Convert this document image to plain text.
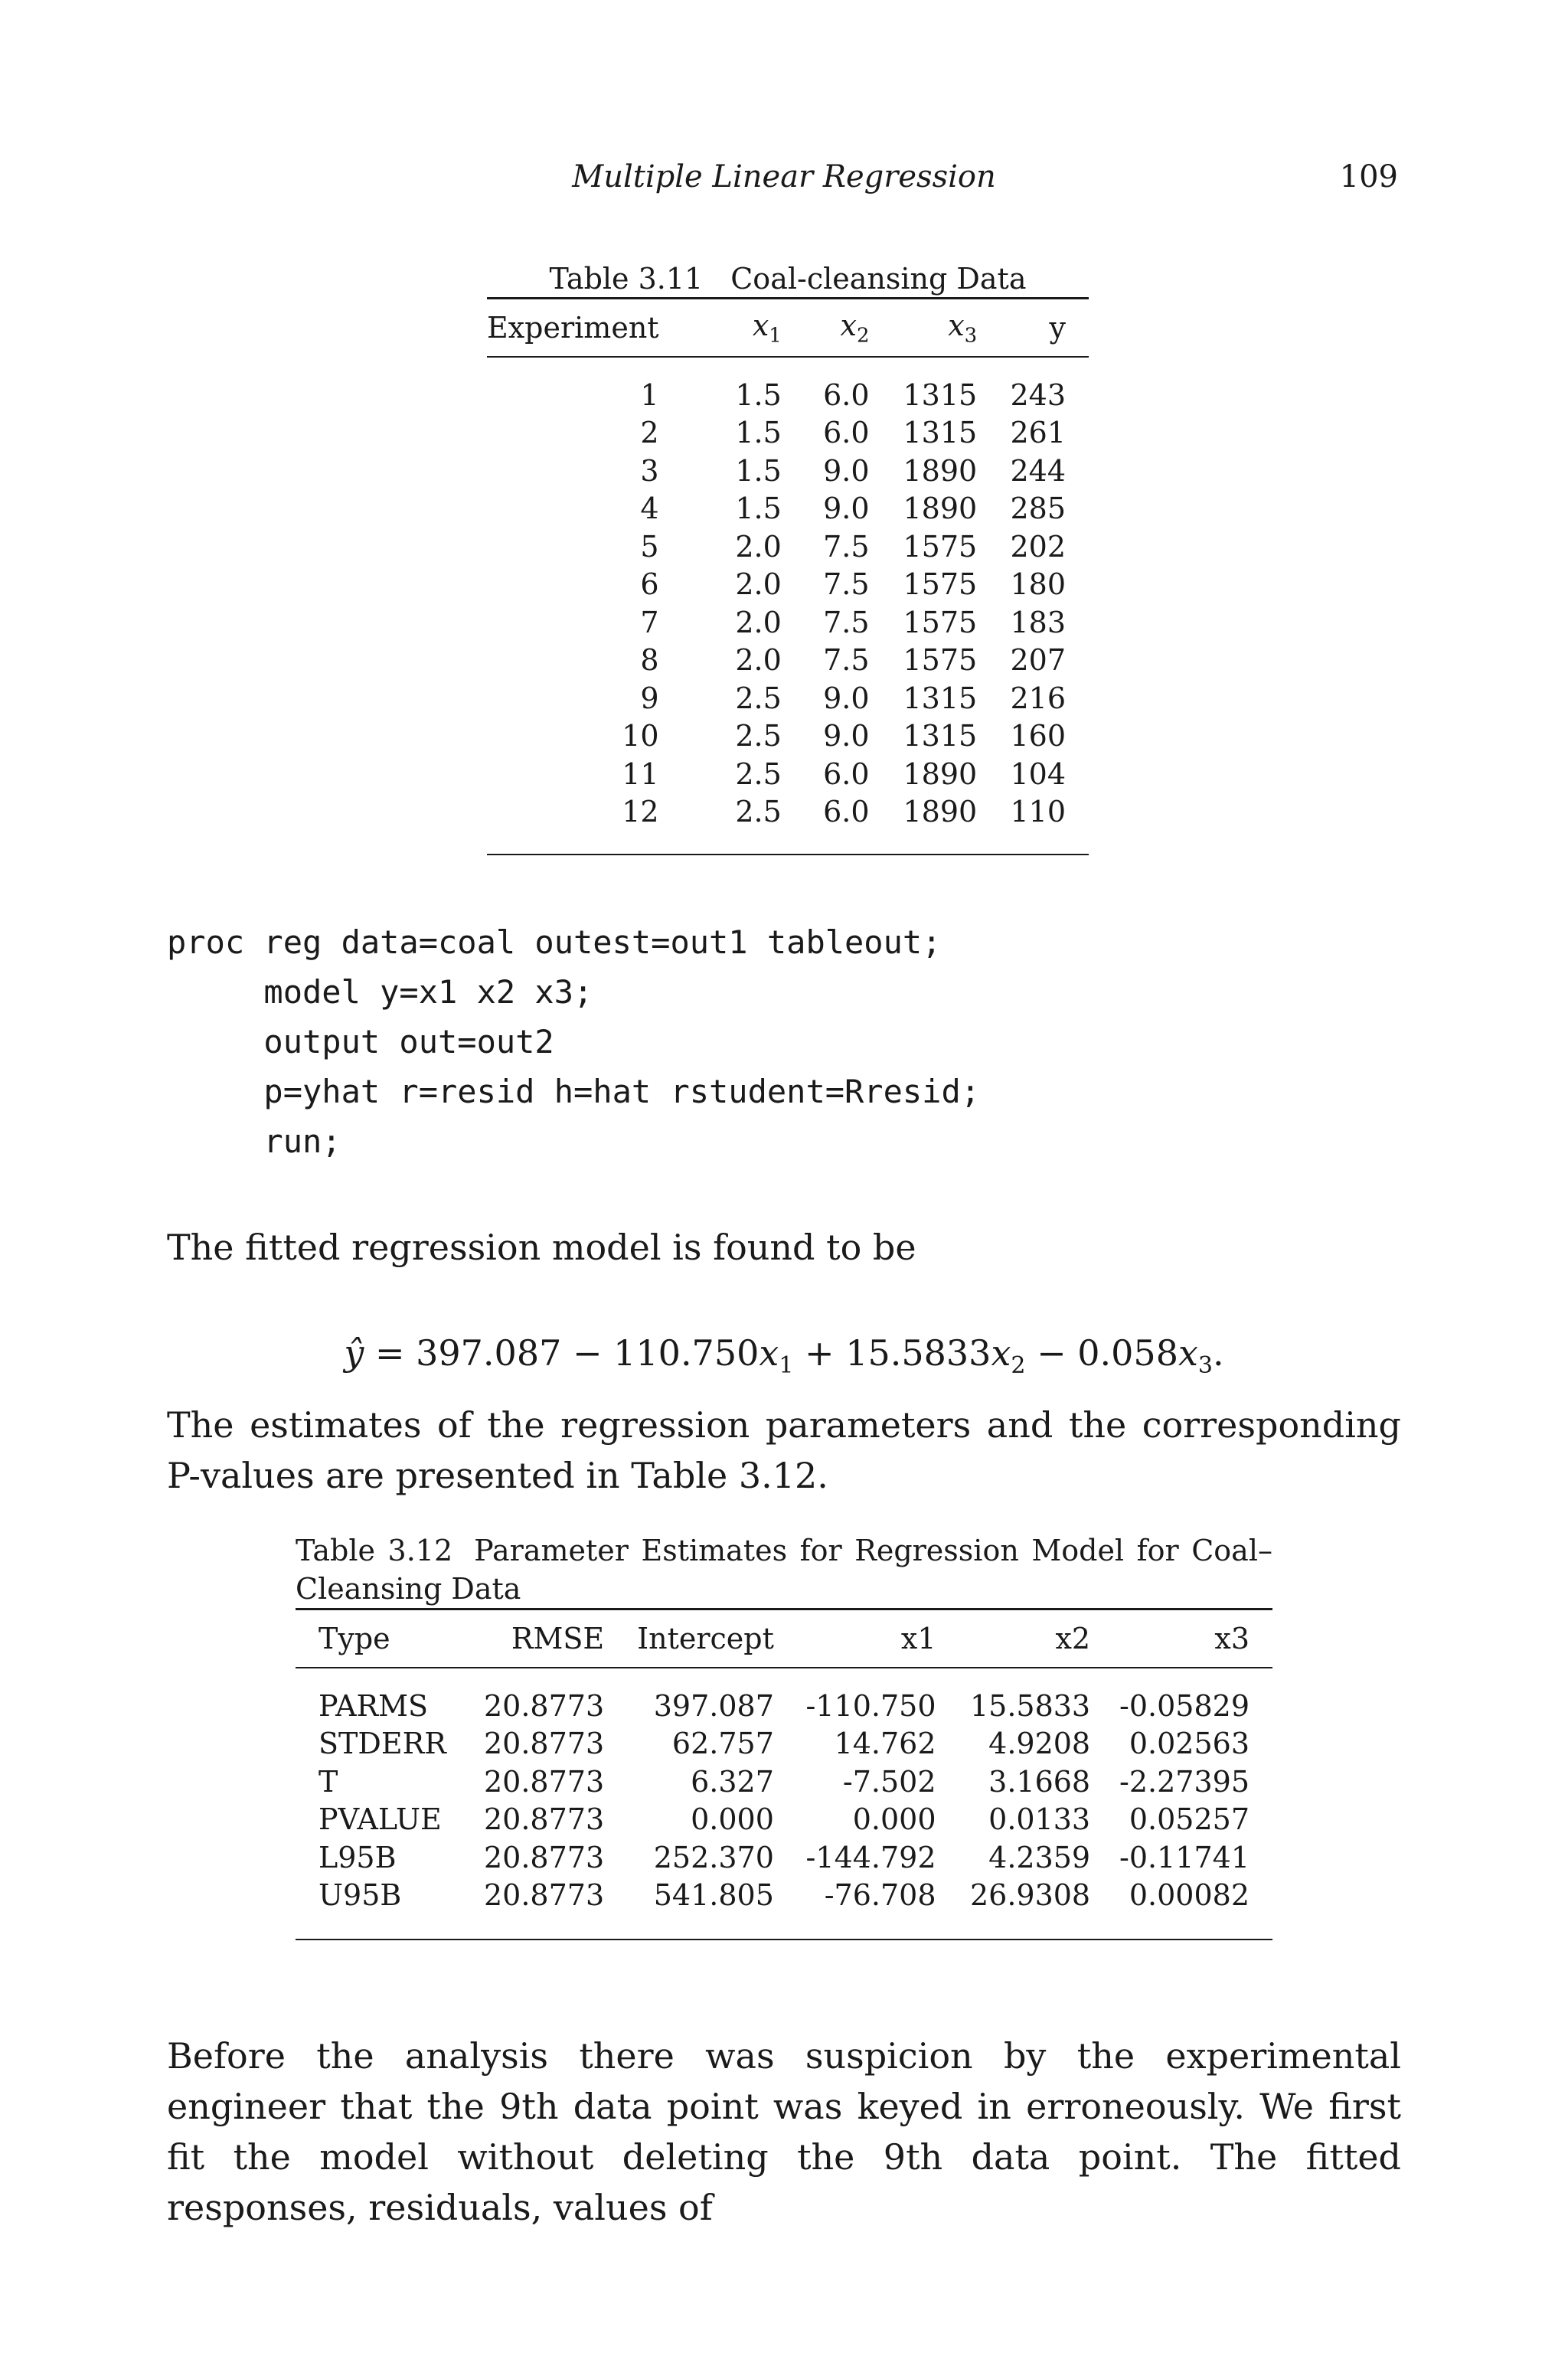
Multiple Linear Regression	109
Table 3.11 Coal-cleansing Data
Experiment	$x_1$	$x_2$	$x_3$	y

1	1.5	6.0	1315	243
2	1.5	6.0	1315	261
3	1.5	9.0	1890	244
4	1.5	9.0	1890	285
5	2.0	7.5	1575	202
6	2.0	7.5	1575	180
7	2.0	7.5	1575	183
8	2.0	7.5	1575	207
9	2.5	9.0	1315	216
10	2.5	9.0	1315	160
11	2.5	6.0	1890	104
12	2.5	6.0	1890	110

proc reg data=coal outest=out1 tableout;
model y=x1 x2 x3;
output out=out2
p=yhat r=resid h=hat rstudent=Rresid;
run;
The fitted regression model is found to be
ŷ = $397.087 - 110.750x_1 + 15.5833x_2 - 0.058x_3$.
The estimates of the regression parameters and the corresponding P-values are presented in Table 3.12.
Table 3.12 Parameter Estimates for Regression Model for Coal–Cleansing Data
Type	RMSE	Intercept	x1	x2	x3

PARMS	20.8773	397.087	-110.750	15.5833	-0.05829
STDERR	20.8773	62.757	14.762	4.9208	0.02563
T	20.8773	6.327	-7.502	3.1668	-2.27395
PVALUE	20.8773	0.000	0.000	0.0133	0.05257
L95B	20.8773	252.370	-144.792	4.2359	-0.11741
U95B	20.8773	541.805	-76.708	26.9308	0.00082

Before the analysis there was suspicion by the experimental engineer that the 9th data point was keyed in erroneously. We first fit the model without deleting the 9th data point. The fitted responses, residuals, values of
